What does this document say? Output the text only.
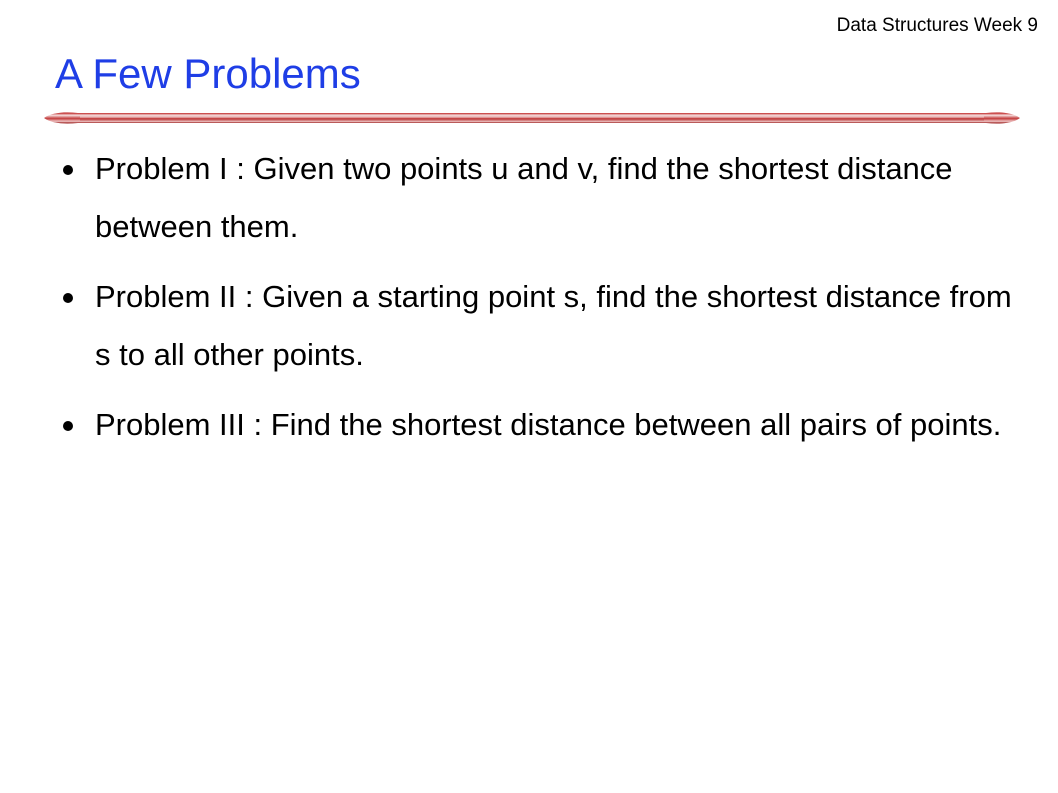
Data Structures Week 9
A Few Problems
Problem I : Given two points u and v, find the shortest distance between them.
Problem II : Given a starting point s, find the shortest distance from s to all other points.
Problem III : Find the shortest distance between all pairs of points.
